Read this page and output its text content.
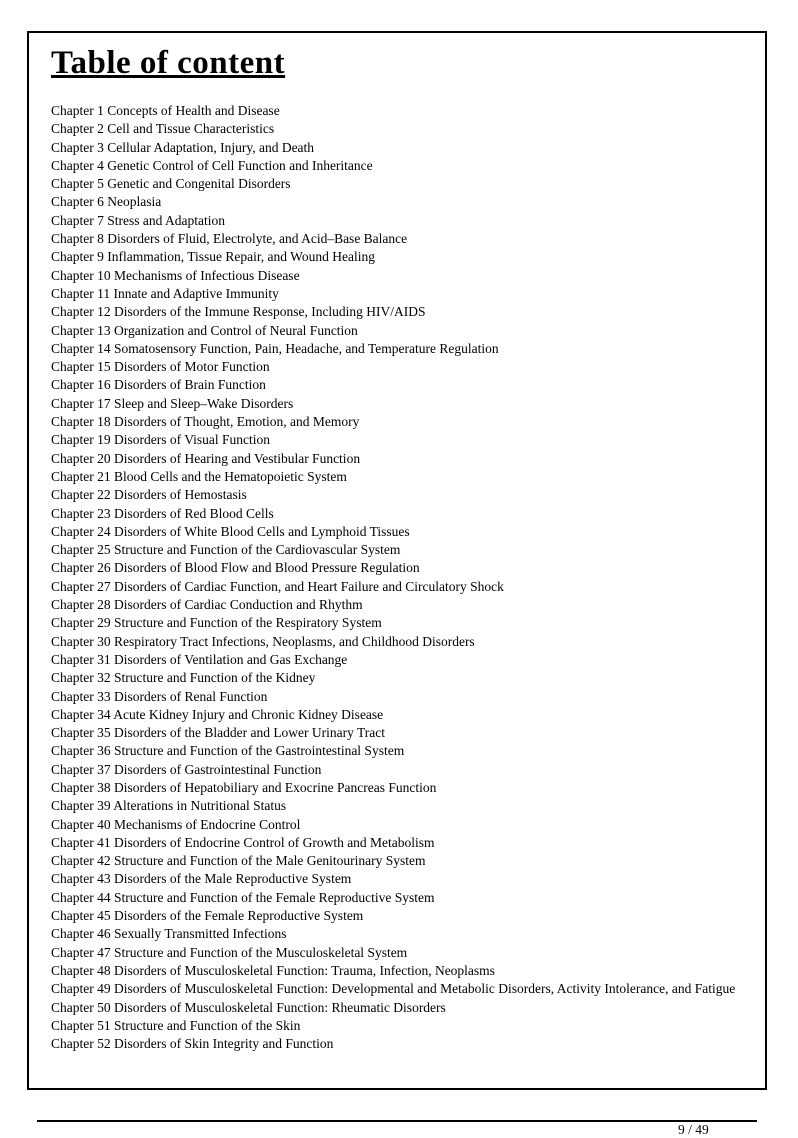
Table of content

Chapter 1 Concepts of Health and Disease

Chapter 2 Cell and Tissue Characteristics

Chapter 3 Cellular Adaptation, Injury, and Death

Chapter 4 Genetic Control of Cell Function and Inheritance

Chapter 5 Genetic and Congenital Disorders

Chapter 6 Neoplasia

Chapter 7 Stress and Adaptation

Chapter 8 Disorders of Fluid, Electrolyte, and Acid–Base Balance

Chapter 9 Inflammation, Tissue Repair, and Wound Healing

Chapter 10 Mechanisms of Infectious Disease

Chapter 11 Innate and Adaptive Immunity

Chapter 12 Disorders of the Immune Response, Including HIV/AIDS

Chapter 13 Organization and Control of Neural Function

Chapter 14 Somatosensory Function, Pain, Headache, and Temperature Regulation

Chapter 15 Disorders of Motor Function

Chapter 16 Disorders of Brain Function

Chapter 17 Sleep and Sleep–Wake Disorders

Chapter 18 Disorders of Thought, Emotion, and Memory

Chapter 19 Disorders of Visual Function

Chapter 20 Disorders of Hearing and Vestibular Function

Chapter 21 Blood Cells and the Hematopoietic System

Chapter 22 Disorders of Hemostasis

Chapter 23 Disorders of Red Blood Cells

Chapter 24 Disorders of White Blood Cells and Lymphoid Tissues

Chapter 25 Structure and Function of the Cardiovascular System

Chapter 26 Disorders of Blood Flow and Blood Pressure Regulation

Chapter 27 Disorders of Cardiac Function, and Heart Failure and Circulatory Shock

Chapter 28 Disorders of Cardiac Conduction and Rhythm

Chapter 29 Structure and Function of the Respiratory System

Chapter 30 Respiratory Tract Infections, Neoplasms, and Childhood Disorders

Chapter 31 Disorders of Ventilation and Gas Exchange

Chapter 32 Structure and Function of the Kidney

Chapter 33 Disorders of Renal Function

Chapter 34 Acute Kidney Injury and Chronic Kidney Disease

Chapter 35 Disorders of the Bladder and Lower Urinary Tract

Chapter 36 Structure and Function of the Gastrointestinal System

Chapter 37 Disorders of Gastrointestinal Function

Chapter 38 Disorders of Hepatobiliary and Exocrine Pancreas Function

Chapter 39 Alterations in Nutritional Status

Chapter 40 Mechanisms of Endocrine Control

Chapter 41 Disorders of Endocrine Control of Growth and Metabolism

Chapter 42 Structure and Function of the Male Genitourinary System

Chapter 43 Disorders of the Male Reproductive System

Chapter 44 Structure and Function of the Female Reproductive System

Chapter 45 Disorders of the Female Reproductive System

Chapter 46 Sexually Transmitted Infections

Chapter 47 Structure and Function of the Musculoskeletal System

Chapter 48 Disorders of Musculoskeletal Function: Trauma, Infection, Neoplasms

Chapter 49 Disorders of Musculoskeletal Function: Developmental and Metabolic Disorders, Activity Intolerance, and Fatigue

Chapter 50 Disorders of Musculoskeletal Function: Rheumatic Disorders

Chapter 51 Structure and Function of the Skin

Chapter 52 Disorders of Skin Integrity and Function

9 / 49
